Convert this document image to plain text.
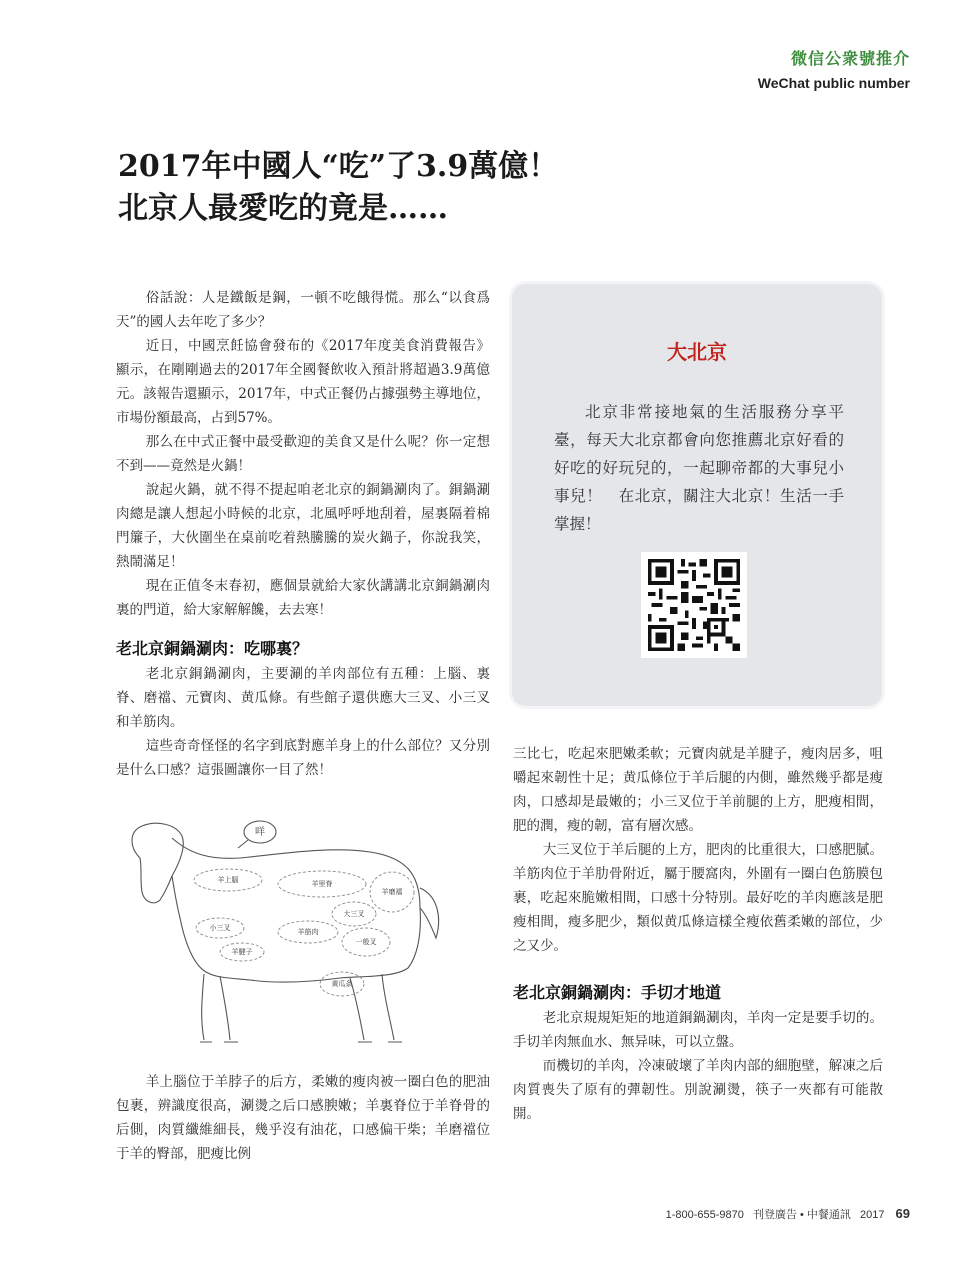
微信公衆號推介
WeChat public number
2017年中國人“吃”了3.9萬億！
北京人最愛吃的竟是……

俗話說：人是鐵飯是鋼，一頓不吃餓得慌。那么“以食爲天”的國人去年吃了多少？

近日，中國烹飪協會發布的《2017年度美食消費報告》顯示，在剛剛過去的2017年全國餐飲收入預計將超過3.9萬億元。該報告還顯示，2017年，中式正餐仍占據强勢主導地位，市場份額最高，占到57%。

那么在中式正餐中最受歡迎的美食又是什么呢？你一定想不到——竟然是火鍋！

說起火鍋，就不得不提起咱老北京的銅鍋涮肉了。銅鍋涮肉總是讓人想起小時候的北京，北風呼呼地刮着，屋裏隔着棉門簾子，大伙圍坐在桌前吃着熱騰騰的炭火鍋子，你說我笑，熱鬧滿足！

現在正值冬末春初，應個景就給大家伙講講北京銅鍋涮肉裏的門道，給大家解解饞，去去寒！

老北京銅鍋涮肉：吃哪裏？

老北京銅鍋涮肉，主要涮的羊肉部位有五種：上腦、裏脊、磨襠、元寶肉、黄瓜條。有些館子還供應大三叉、小三叉和羊筋肉。

這些奇奇怪怪的名字到底對應羊身上的什么部位？又分別是什么口感？這張圖讓你一目了然！

咩
羊上腦	羊里脊
羊磨襠
小三叉	羊筋肉
大三叉
一般叉
羊腱子
黄瓜条

羊上腦位于羊脖子的后方，柔嫩的瘦肉被一圈白色的肥油包裹，辨識度很高，涮燙之后口感腴嫩；羊裏脊位于羊脊骨的后側，肉質纖維細長，幾乎沒有油花，口感偏干柴；羊磨襠位于羊的臀部，肥瘦比例

大北京
北京非常接地氣的生活服務分享平臺，每天大北京都會向您推薦北京好看的好吃的好玩兒的，一起聊帝都的大事兒小事兒！　在北京，關注大北京！生活一手掌握！

三比七，吃起來肥嫩柔軟；元寶肉就是羊腱子，瘦肉居多，咀嚼起來韌性十足；黄瓜條位于羊后腿的内側，雖然幾乎都是瘦肉，口感却是最嫩的；小三叉位于羊前腿的上方，肥瘦相間，肥的潤，瘦的韌，富有層次感。

大三叉位于羊后腿的上方，肥肉的比重很大，口感肥膩。羊筋肉位于羊肋骨附近，屬于腰窩肉，外圍有一圈白色筋膜包裹，吃起來脆嫩相間，口感十分特別。最好吃的羊肉應該是肥瘦相間，瘦多肥少，類似黄瓜條這樣全瘦依舊柔嫩的部位，少之又少。

老北京銅鍋涮肉：手切才地道

老北京規規矩矩的地道銅鍋涮肉，羊肉一定是要手切的。手切羊肉無血水、無异味，可以立盤。

而機切的羊肉，冷凍破壞了羊肉内部的細胞壁，解凍之后肉質喪失了原有的彈韌性。別說涮燙，筷子一夾都有可能散開。

1-800-655-9870 刊登廣告 • 中餐通訊 2017 69
